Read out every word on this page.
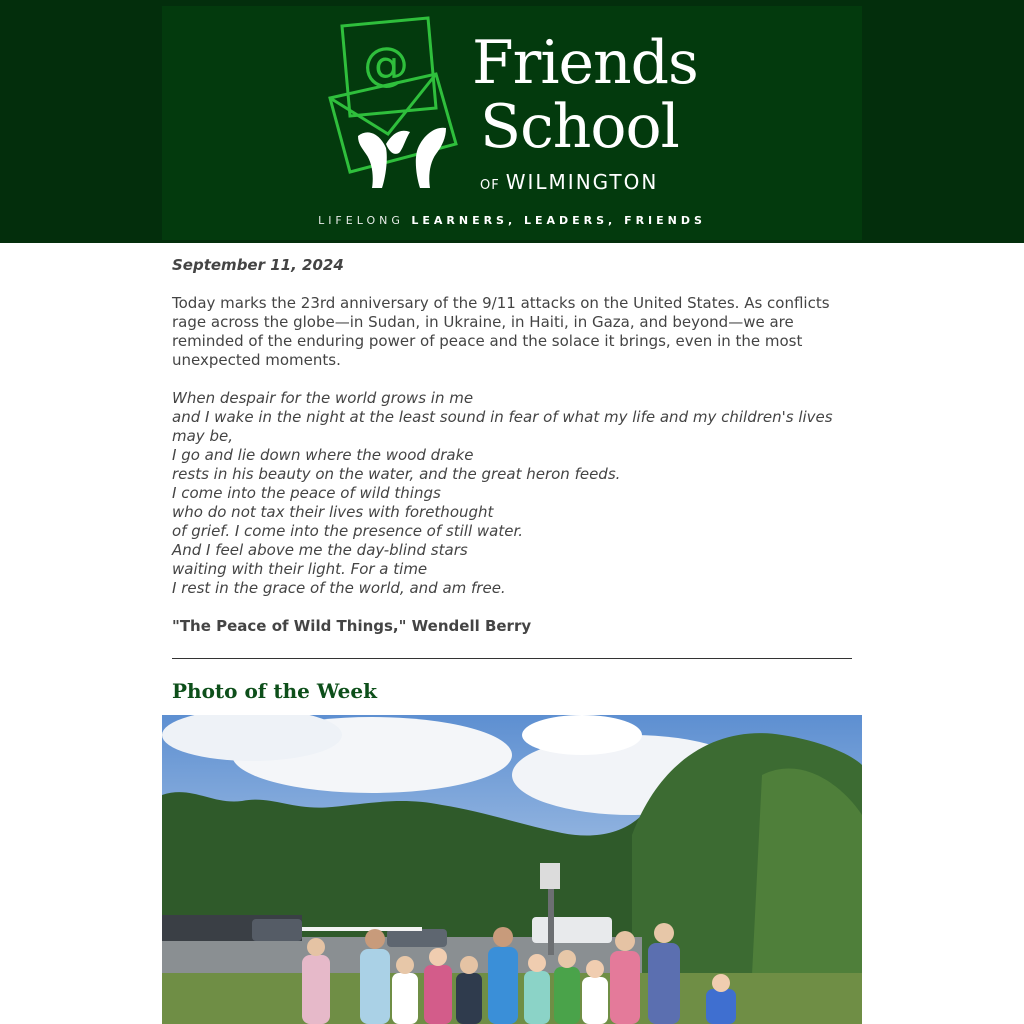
@ Friends
School
OF WILMINGTON
LIFELONG LEARNERS, LEADERS, FRIENDS

September 11, 2024

Today marks the 23rd anniversary of the 9/11 attacks on the United States. As conflicts rage across the globe—in Sudan, in Ukraine, in Haiti, in Gaza, and beyond—we are reminded of the enduring power of peace and the solace it brings, even in the most unexpected moments.

When despair for the world grows in me
and I wake in the night at the least sound in fear of what my life and my children's lives may be,
I go and lie down where the wood drake
rests in his beauty on the water, and the great heron feeds.
I come into the peace of wild things
who do not tax their lives with forethought
of grief. I come into the presence of still water.
And I feel above me the day-blind stars
waiting with their light. For a time
I rest in the grace of the world, and am free.

"The Peace of Wild Things," Wendell Berry

Photo of the Week
